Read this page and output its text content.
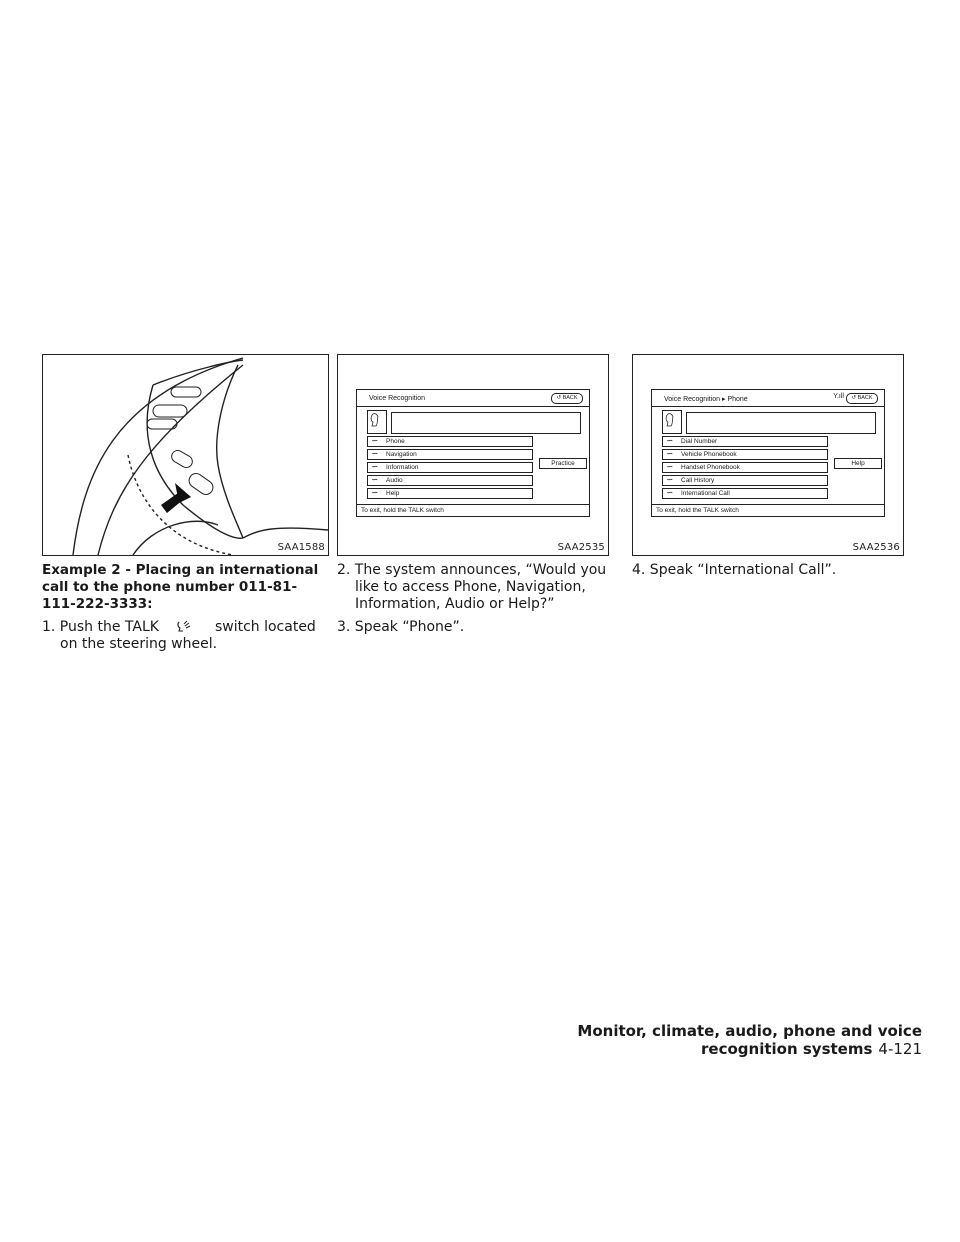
SAA1588
Voice Recognition	↺ BACK
ᯈ Phone
ᯈ Navigation
ᯈ Information
ᯈ Audio
ᯈ Help
Practice
To exit, hold the TALK switch
SAA2535
Voice Recognition ▸ Phone	Y.ıll	↺ BACK
ᯈ Dial Number
ᯈ Vehicle Phonebook
ᯈ Handset Phonebook
ᯈ Call History
ᯈ International Call
Help
To exit, hold the TALK switch
SAA2536
Example 2 - Placing an international call to the phone number 011-81-111-222-3333:
1. Push the TALK	switch located on the steering wheel.
2. The system announces, “Would you like to access Phone, Navigation, Information, Audio or Help?”
3. Speak “Phone”.
4. Speak “International Call”.
Monitor, climate, audio, phone and voice recognition systems 4-121
